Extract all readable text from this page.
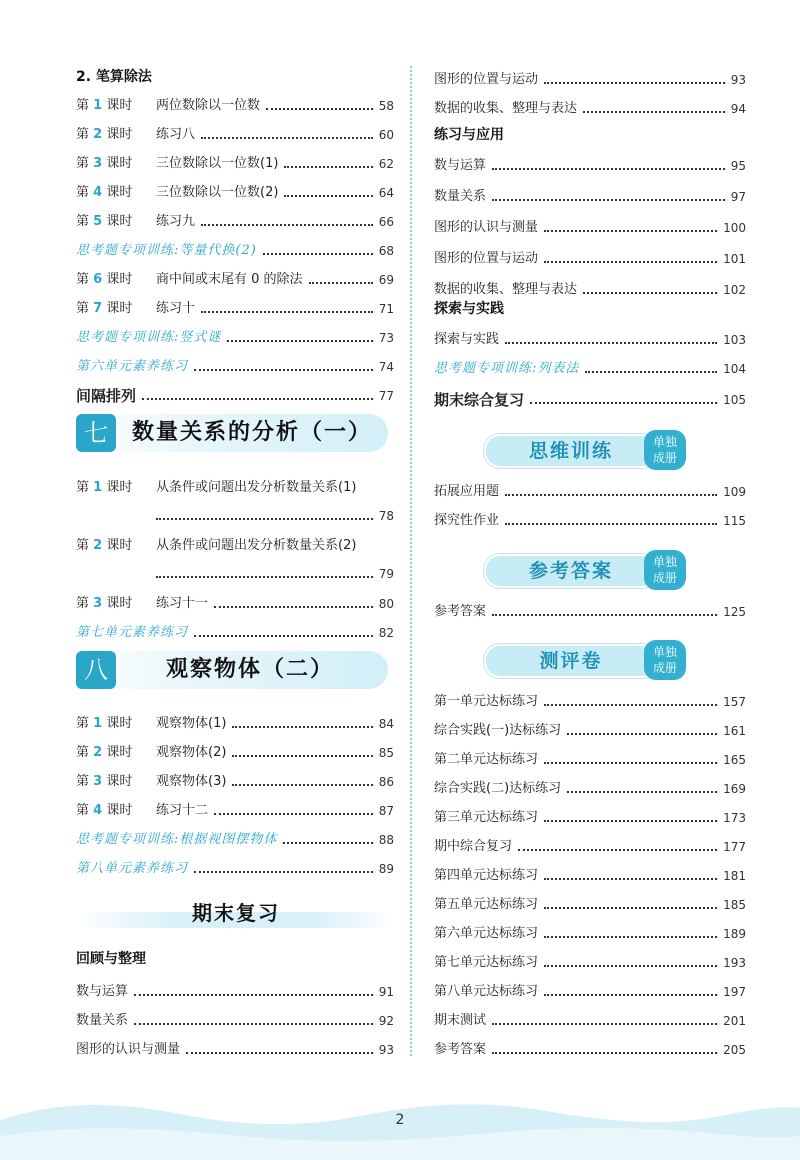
2. 笔算除法
第 1 课时 两位数除以一位数	58
第 2 课时 练习八	60
第 3 课时 三位数除以一位数(1)	62
第 4 课时 三位数除以一位数(2)	64
第 5 课时 练习九	66
思考题专项训练:等量代换(2)	68
第 6 课时 商中间或末尾有 0 的除法	69
第 7 课时 练习十	71
思考题专项训练:竖式谜	73
第六单元素养练习	74
间隔排列	77
七	数量关系的分析（一）
第 1 课时 从条件或问题出发分析数量关系(1)
78
第 2 课时 从条件或问题出发分析数量关系(2)
79
第 3 课时 练习十一	80
第七单元素养练习	82
八	观察物体（二）
第 1 课时 观察物体(1)	84
第 2 课时 观察物体(2)	85
第 3 课时 观察物体(3)	86
第 4 课时 练习十二	87
思考题专项训练:根据视图摆物体	88
第八单元素养练习	89
期末复习
回顾与整理
数与运算	91
数量关系	92
图形的认识与测量	93
图形的位置与运动	93
数据的收集、整理与表达	94
练习与应用
数与运算	95
数量关系	97
图形的认识与测量	100
图形的位置与运动	101
数据的收集、整理与表达	102
探索与实践
探索与实践	103
思考题专项训练:列表法	104
期末综合复习	105
思维训练	单独
成册
拓展应用题	109
探究性作业	115
参考答案	单独
成册
参考答案	125
测评卷	单独
成册
第一单元达标练习	157
综合实践(一)达标练习	161
第二单元达标练习	165
综合实践(二)达标练习	169
第三单元达标练习	173
期中综合复习	177
第四单元达标练习	181
第五单元达标练习	185
第六单元达标练习	189
第七单元达标练习	193
第八单元达标练习	197
期末测试	201
参考答案	205
2
